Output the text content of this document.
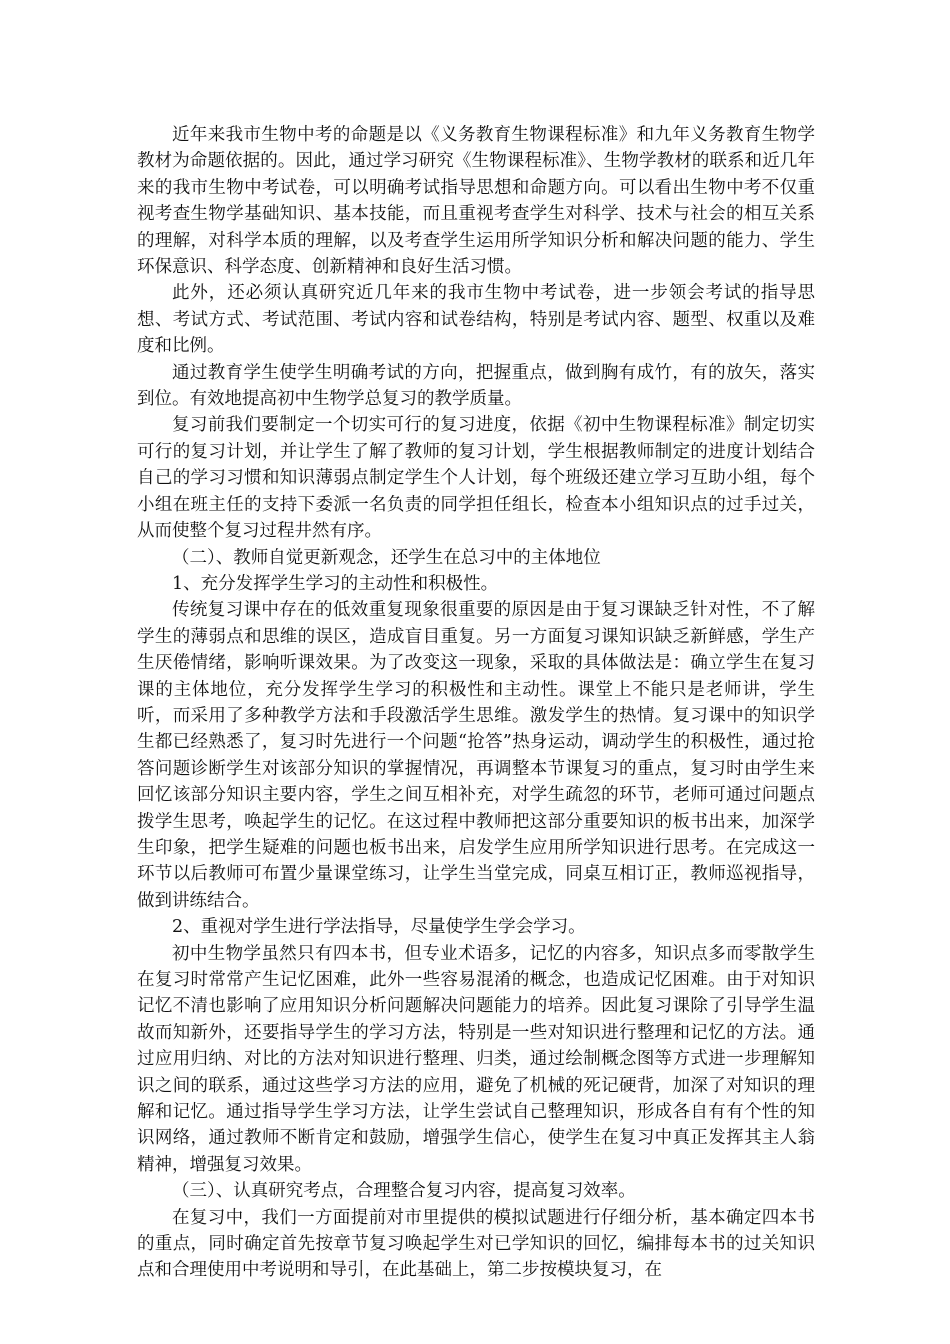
近年来我市生物中考的命题是以《义务教育生物课程标准》和九年义务教育生物学教材为命题依据的。因此，通过学习研究《生物课程标准》、生物学教材的联系和近几年来的我市生物中考试卷，可以明确考试指导思想和命题方向。可以看出生物中考不仅重视考查生物学基础知识、基本技能，而且重视考查学生对科学、技术与社会的相互关系的理解，对科学本质的理解，以及考查学生运用所学知识分析和解决问题的能力、学生环保意识、科学态度、创新精神和良好生活习惯。

此外，还必须认真研究近几年来的我市生物中考试卷，进一步领会考试的指导思想、考试方式、考试范围、考试内容和试卷结构，特别是考试内容、题型、权重以及难度和比例。

通过教育学生使学生明确考试的方向，把握重点，做到胸有成竹，有的放矢，落实到位。有效地提高初中生物学总复习的教学质量。

复习前我们要制定一个切实可行的复习进度，依据《初中生物课程标准》制定切实可行的复习计划，并让学生了解了教师的复习计划，学生根据教师制定的进度计划结合自己的学习习惯和知识薄弱点制定学生个人计划，每个班级还建立学习互助小组，每个小组在班主任的支持下委派一名负责的同学担任组长，检查本小组知识点的过手过关，从而使整个复习过程井然有序。

（二）、教师自觉更新观念，还学生在总习中的主体地位

1、充分发挥学生学习的主动性和积极性。

传统复习课中存在的低效重复现象很重要的原因是由于复习课缺乏针对性，不了解学生的薄弱点和思维的误区，造成盲目重复。另一方面复习课知识缺乏新鲜感，学生产生厌倦情绪，影响听课效果。为了改变这一现象，采取的具体做法是：确立学生在复习课的主体地位，充分发挥学生学习的积极性和主动性。课堂上不能只是老师讲，学生听，而采用了多种教学方法和手段激活学生思维。激发学生的热情。复习课中的知识学生都已经熟悉了，复习时先进行一个问题“抢答”热身运动，调动学生的积极性，通过抢答问题诊断学生对该部分知识的掌握情况，再调整本节课复习的重点，复习时由学生来回忆该部分知识主要内容，学生之间互相补充，对学生疏忽的环节，老师可通过问题点拨学生思考，唤起学生的记忆。在这过程中教师把这部分重要知识的板书出来，加深学生印象，把学生疑难的问题也板书出来，启发学生应用所学知识进行思考。在完成这一环节以后教师可布置少量课堂练习，让学生当堂完成，同桌互相订正，教师巡视指导，做到讲练结合。

2、重视对学生进行学法指导，尽量使学生学会学习。

初中生物学虽然只有四本书，但专业术语多，记忆的内容多，知识点多而零散学生在复习时常常产生记忆困难，此外一些容易混淆的概念，也造成记忆困难。由于对知识记忆不清也影响了应用知识分析问题解决问题能力的培养。因此复习课除了引导学生温故而知新外，还要指导学生的学习方法，特别是一些对知识进行整理和记忆的方法。通过应用归纳、对比的方法对知识进行整理、归类，通过绘制概念图等方式进一步理解知识之间的联系，通过这些学习方法的应用，避免了机械的死记硬背，加深了对知识的理解和记忆。通过指导学生学习方法，让学生尝试自己整理知识，形成各自有有个性的知识网络，通过教师不断肯定和鼓励，增强学生信心，使学生在复习中真正发挥其主人翁精神，增强复习效果。

（三）、认真研究考点，合理整合复习内容，提高复习效率。

在复习中，我们一方面提前对市里提供的模拟试题进行仔细分析，基本确定四本书的重点，同时确定首先按章节复习唤起学生对已学知识的回忆，编排每本书的过关知识点和合理使用中考说明和导引，在此基础上，第二步按模块复习，在
